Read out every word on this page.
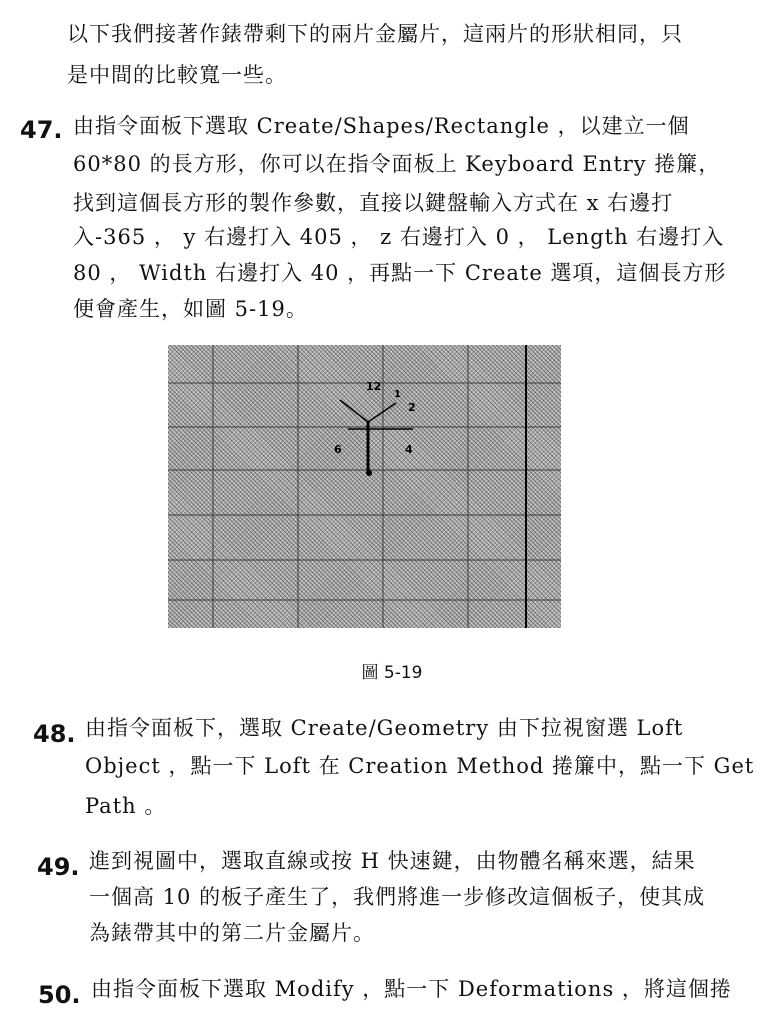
以下我們接著作錶帶剩下的兩片金屬片，這兩片的形狀相同，只
是中間的比較寬一些。
47. 由指令面板下選取 Create/Shapes/Rectangle ，以建立一個
60*80 的長方形，你可以在指令面板上 Keyboard Entry 捲簾，
找到這個長方形的製作參數，直接以鍵盤輸入方式在 x 右邊打
入-365 ， y 右邊打入 405 ， z 右邊打入 0 ， Length 右邊打入
80 ， Width 右邊打入 40 ，再點一下 Create 選項，這個長方形
便會產生，如圖 5-19。
12
2
4
6
1
圖 5-19
48. 由指令面板下，選取 Create/Geometry 由下拉視窗選 Loft
Object ，點一下 Loft 在 Creation Method 捲簾中，點一下 Get
Path 。
49. 進到視圖中，選取直線或按 H 快速鍵，由物體名稱來選，結果
一個高 10 的板子產生了，我們將進一步修改這個板子，使其成
為錶帶其中的第二片金屬片。
50. 由指令面板下選取 Modify ，點一下 Deformations ，將這個捲
